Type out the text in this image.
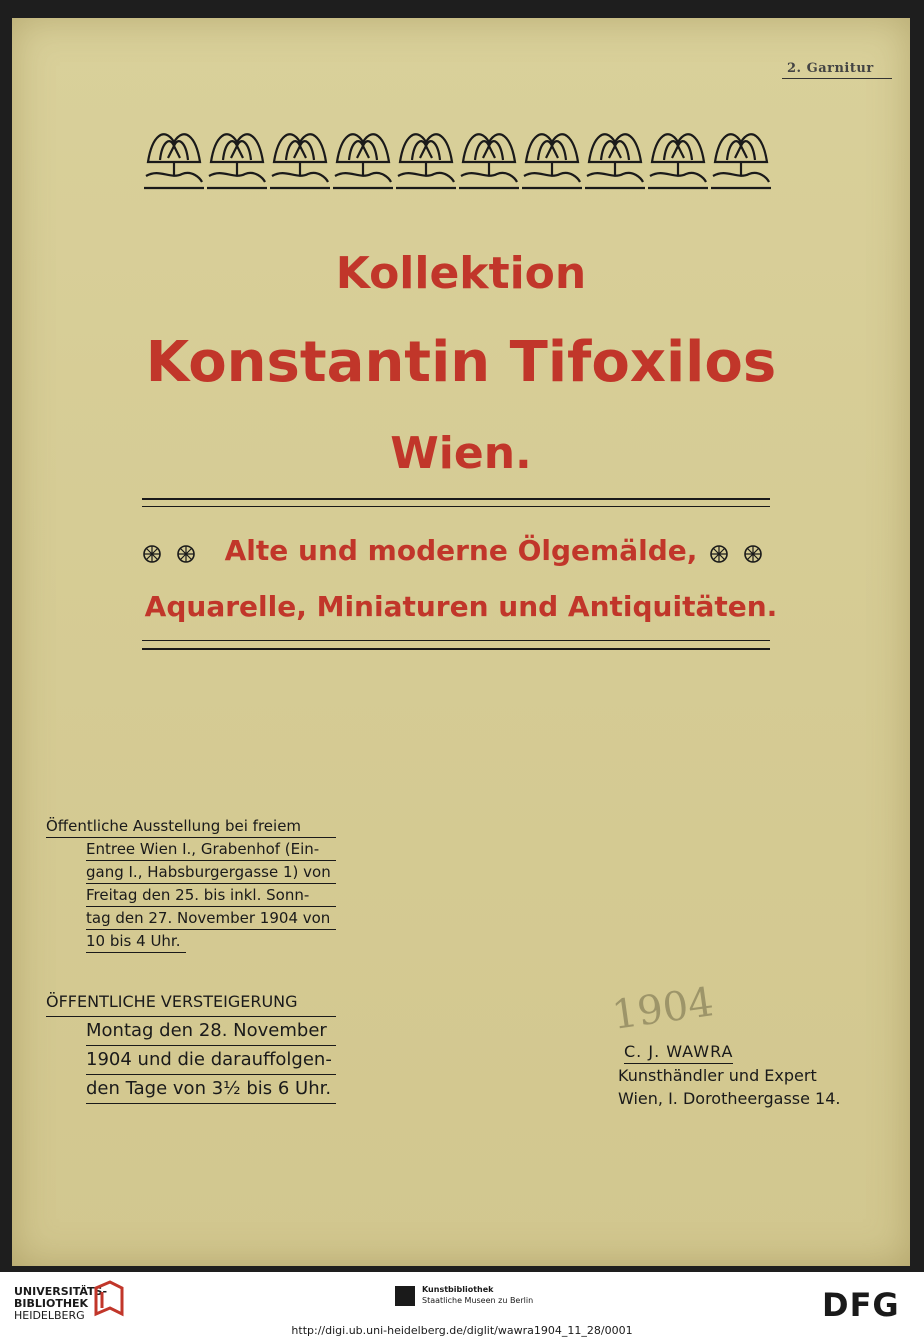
2. Garnitur
Kollektion
Konstantin Tifoxilos
Wien.
Alte und moderne Ölgemälde,
Aquarelle, Miniaturen und Antiquitäten.
Öffentliche Ausstellung bei freiem
Entree Wien I., Grabenhof (Ein-
gang I., Habsburgergasse 1) von
Freitag den 25. bis inkl. Sonn-
tag den 27. November 1904 von
10 bis 4 Uhr.
ÖFFENTLICHE VERSTEIGERUNG
Montag den 28. November
1904 und die darauffolgen-
den Tage von 3½ bis 6 Uhr.
1904
C. J. WAWRA
Kunsthändler und Expert
Wien, I. Dorotheergasse 14.
UNIVERSITÄTS-
BIBLIOTHEK
HEIDELBERG
Kunstbibliothek
Staatliche Museen zu Berlin	DFG
http://digi.ub.uni-heidelberg.de/diglit/wawra1904_11_28/0001
